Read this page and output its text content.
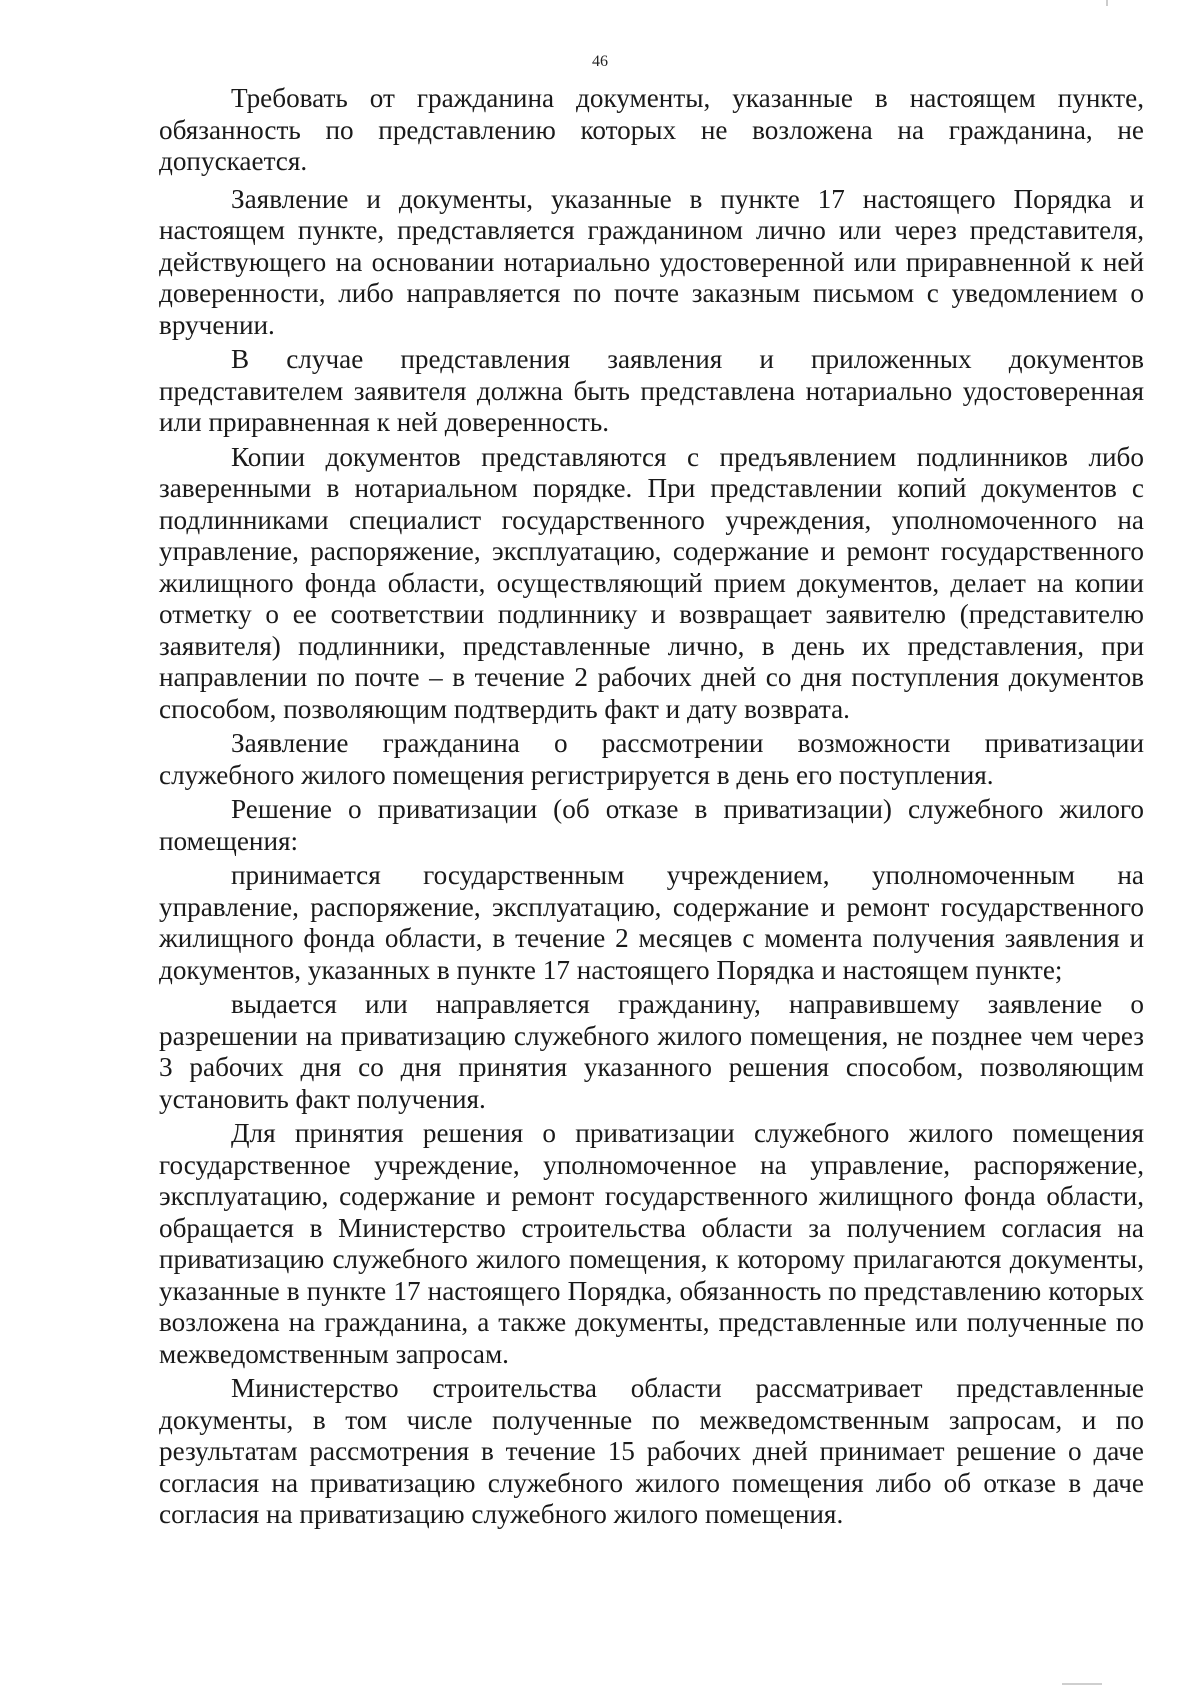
46

Требовать от гражданина документы, указанные в настоящем пункте, обязанность по представлению которых не возложена на гражданина, не допускается.

Заявление и документы, указанные в пункте 17 настоящего Порядка и настоящем пункте, представляется гражданином лично или через представителя, действующего на основании нотариально удостоверенной или приравненной к ней доверенности, либо направляется по почте заказным письмом с уведомлением о вручении.

В случае представления заявления и приложенных документов представителем заявителя должна быть представлена нотариально удостоверенная или приравненная к ней доверенность.

Копии документов представляются с предъявлением подлинников либо заверенными в нотариальном порядке. При представлении копий документов с подлинниками специалист государственного учреждения, уполномоченного на управление, распоряжение, эксплуатацию, содержание и ремонт государственного жилищного фонда области, осуществляющий прием документов, делает на копии отметку о ее соответствии подлиннику и возвращает заявителю (представителю заявителя) подлинники, представленные лично, в день их представления, при направлении по почте – в течение 2 рабочих дней со дня поступления документов способом, позволяющим подтвердить факт и дату возврата.

Заявление гражданина о рассмотрении возможности приватизации служебного жилого помещения регистрируется в день его поступления.

Решение о приватизации (об отказе в приватизации) служебного жилого помещения:

принимается государственным учреждением, уполномоченным на управление, распоряжение, эксплуатацию, содержание и ремонт государственного жилищного фонда области, в течение 2 месяцев с момента получения заявления и документов, указанных в пункте 17 настоящего Порядка и настоящем пункте;

выдается или направляется гражданину, направившему заявление о разрешении на приватизацию служебного жилого помещения, не позднее чем через 3 рабочих дня со дня принятия указанного решения способом, позволяющим установить факт получения.

Для принятия решения о приватизации служебного жилого помещения государственное учреждение, уполномоченное на управление, распоряжение, эксплуатацию, содержание и ремонт государственного жилищного фонда области, обращается в Министерство строительства области за получением согласия на приватизацию служебного жилого помещения, к которому прилагаются документы, указанные в пункте 17 настоящего Порядка, обязанность по представлению которых возложена на гражданина, а также документы, представленные или полученные по межведомственным запросам.

Министерство строительства области рассматривает представленные документы, в том числе полученные по межведомственным запросам, и по результатам рассмотрения в течение 15 рабочих дней принимает решение о даче согласия на приватизацию служебного жилого помещения либо об отказе в даче согласия на приватизацию служебного жилого помещения.
